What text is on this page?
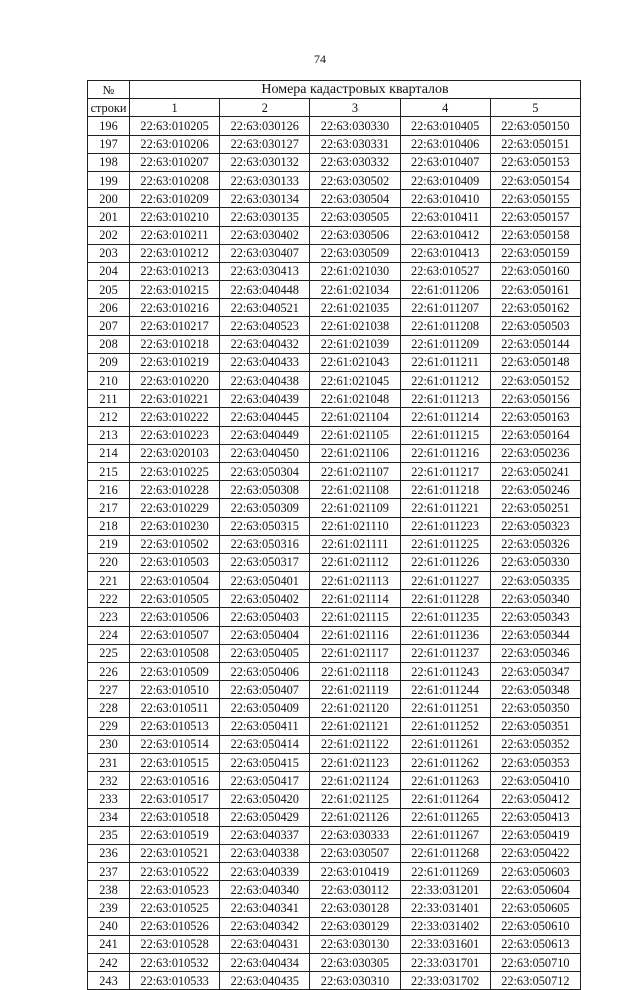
74
№	Номера кадастровых кварталов				
строки	1	2	3	4	5
196	22:63:010205	22:63:030126	22:63:030330	22:63:010405	22:63:050150
197	22:63:010206	22:63:030127	22:63:030331	22:63:010406	22:63:050151
198	22:63:010207	22:63:030132	22:63:030332	22:63:010407	22:63:050153
199	22:63:010208	22:63:030133	22:63:030502	22:63:010409	22:63:050154
200	22:63:010209	22:63:030134	22:63:030504	22:63:010410	22:63:050155
201	22:63:010210	22:63:030135	22:63:030505	22:63:010411	22:63:050157
202	22:63:010211	22:63:030402	22:63:030506	22:63:010412	22:63:050158
203	22:63:010212	22:63:030407	22:63:030509	22:63:010413	22:63:050159
204	22:63:010213	22:63:030413	22:61:021030	22:63:010527	22:63:050160
205	22:63:010215	22:63:040448	22:61:021034	22:61:011206	22:63:050161
206	22:63:010216	22:63:040521	22:61:021035	22:61:011207	22:63:050162
207	22:63:010217	22:63:040523	22:61:021038	22:61:011208	22:63:050503
208	22:63:010218	22:63:040432	22:61:021039	22:61:011209	22:63:050144
209	22:63:010219	22:63:040433	22:61:021043	22:61:011211	22:63:050148
210	22:63:010220	22:63:040438	22:61:021045	22:61:011212	22:63:050152
211	22:63:010221	22:63:040439	22:61:021048	22:61:011213	22:63:050156
212	22:63:010222	22:63:040445	22:61:021104	22:61:011214	22:63:050163
213	22:63:010223	22:63:040449	22:61:021105	22:61:011215	22:63:050164
214	22:63:020103	22:63:040450	22:61:021106	22:61:011216	22:63:050236
215	22:63:010225	22:63:050304	22:61:021107	22:61:011217	22:63:050241
216	22:63:010228	22:63:050308	22:61:021108	22:61:011218	22:63:050246
217	22:63:010229	22:63:050309	22:61:021109	22:61:011221	22:63:050251
218	22:63:010230	22:63:050315	22:61:021110	22:61:011223	22:63:050323
219	22:63:010502	22:63:050316	22:61:021111	22:61:011225	22:63:050326
220	22:63:010503	22:63:050317	22:61:021112	22:61:011226	22:63:050330
221	22:63:010504	22:63:050401	22:61:021113	22:61:011227	22:63:050335
222	22:63:010505	22:63:050402	22:61:021114	22:61:011228	22:63:050340
223	22:63:010506	22:63:050403	22:61:021115	22:61:011235	22:63:050343
224	22:63:010507	22:63:050404	22:61:021116	22:61:011236	22:63:050344
225	22:63:010508	22:63:050405	22:61:021117	22:61:011237	22:63:050346
226	22:63:010509	22:63:050406	22:61:021118	22:61:011243	22:63:050347
227	22:63:010510	22:63:050407	22:61:021119	22:61:011244	22:63:050348
228	22:63:010511	22:63:050409	22:61:021120	22:61:011251	22:63:050350
229	22:63:010513	22:63:050411	22:61:021121	22:61:011252	22:63:050351
230	22:63:010514	22:63:050414	22:61:021122	22:61:011261	22:63:050352
231	22:63:010515	22:63:050415	22:61:021123	22:61:011262	22:63:050353
232	22:63:010516	22:63:050417	22:61:021124	22:61:011263	22:63:050410
233	22:63:010517	22:63:050420	22:61:021125	22:61:011264	22:63:050412
234	22:63:010518	22:63:050429	22:61:021126	22:61:011265	22:63:050413
235	22:63:010519	22:63:040337	22:63:030333	22:61:011267	22:63:050419
236	22:63:010521	22:63:040338	22:63:030507	22:61:011268	22:63:050422
237	22:63:010522	22:63:040339	22:63:010419	22:61:011269	22:63:050603
238	22:63:010523	22:63:040340	22:63:030112	22:33:031201	22:63:050604
239	22:63:010525	22:63:040341	22:63:030128	22:33:031401	22:63:050605
240	22:63:010526	22:63:040342	22:63:030129	22:33:031402	22:63:050610
241	22:63:010528	22:63:040431	22:63:030130	22:33:031601	22:63:050613
242	22:63:010532	22:63:040434	22:63:030305	22:33:031701	22:63:050710
243	22:63:010533	22:63:040435	22:63:030310	22:33:031702	22:63:050712
